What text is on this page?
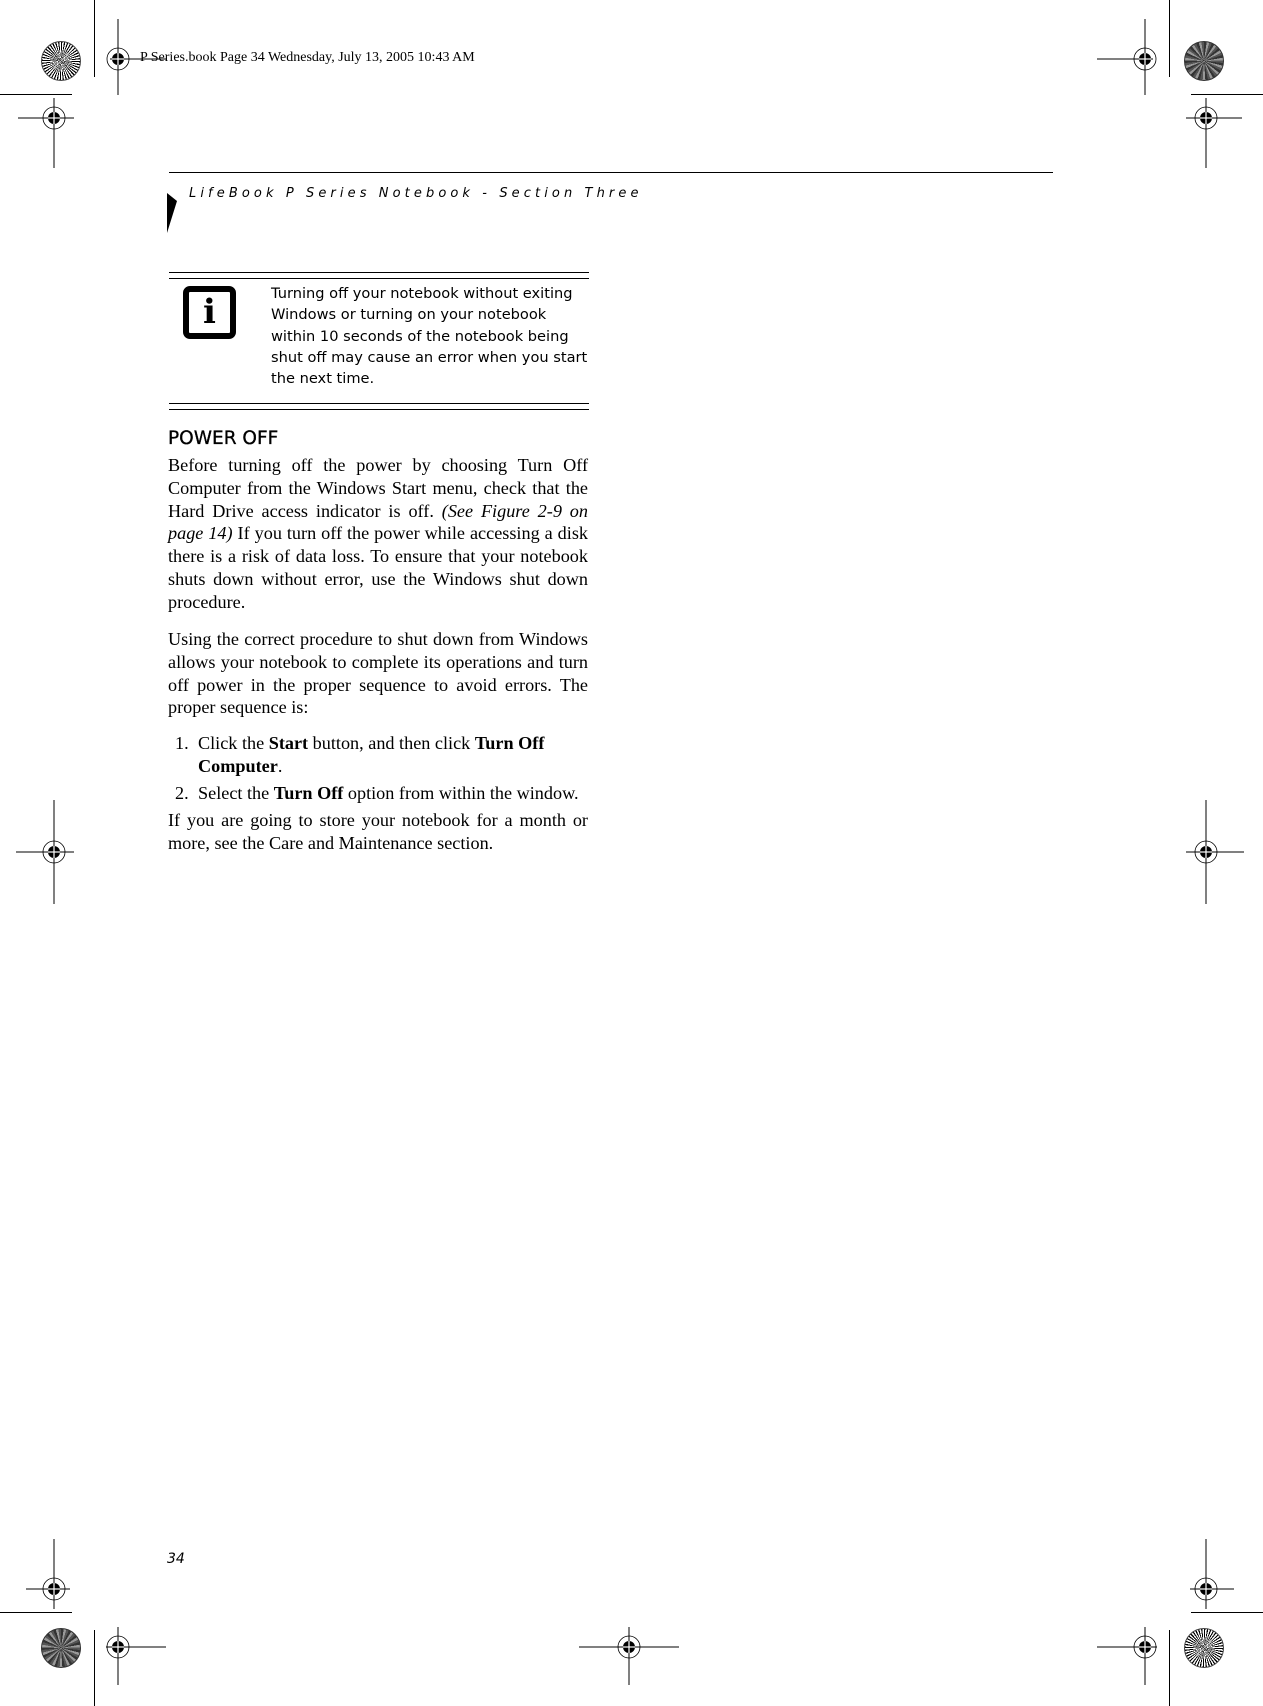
P Series.book Page 34 Wednesday, July 13, 2005 10:43 AM
LifeBook P Series Notebook - Section Three
i	Turning off your notebook without exiting Windows or turning on your notebook within 10 seconds of the notebook being shut off may cause an error when you start the next time.
POWER OFF

Before turning off the power by choosing Turn Off Computer from the Windows Start menu, check that the Hard Drive access indicator is off. (See Figure 2-9 on page 14) If you turn off the power while accessing a disk there is a risk of data loss. To ensure that your notebook shuts down without error, use the Windows shut down procedure.

Using the correct procedure to shut down from Windows allows your notebook to complete its operations and turn off power in the proper sequence to avoid errors. The proper sequence is:

1. Click the Start button, and then click Turn Off Computer.
2. Select the Turn Off option from within the window.

If you are going to store your notebook for a month or more, see the Care and Maintenance section.

34
